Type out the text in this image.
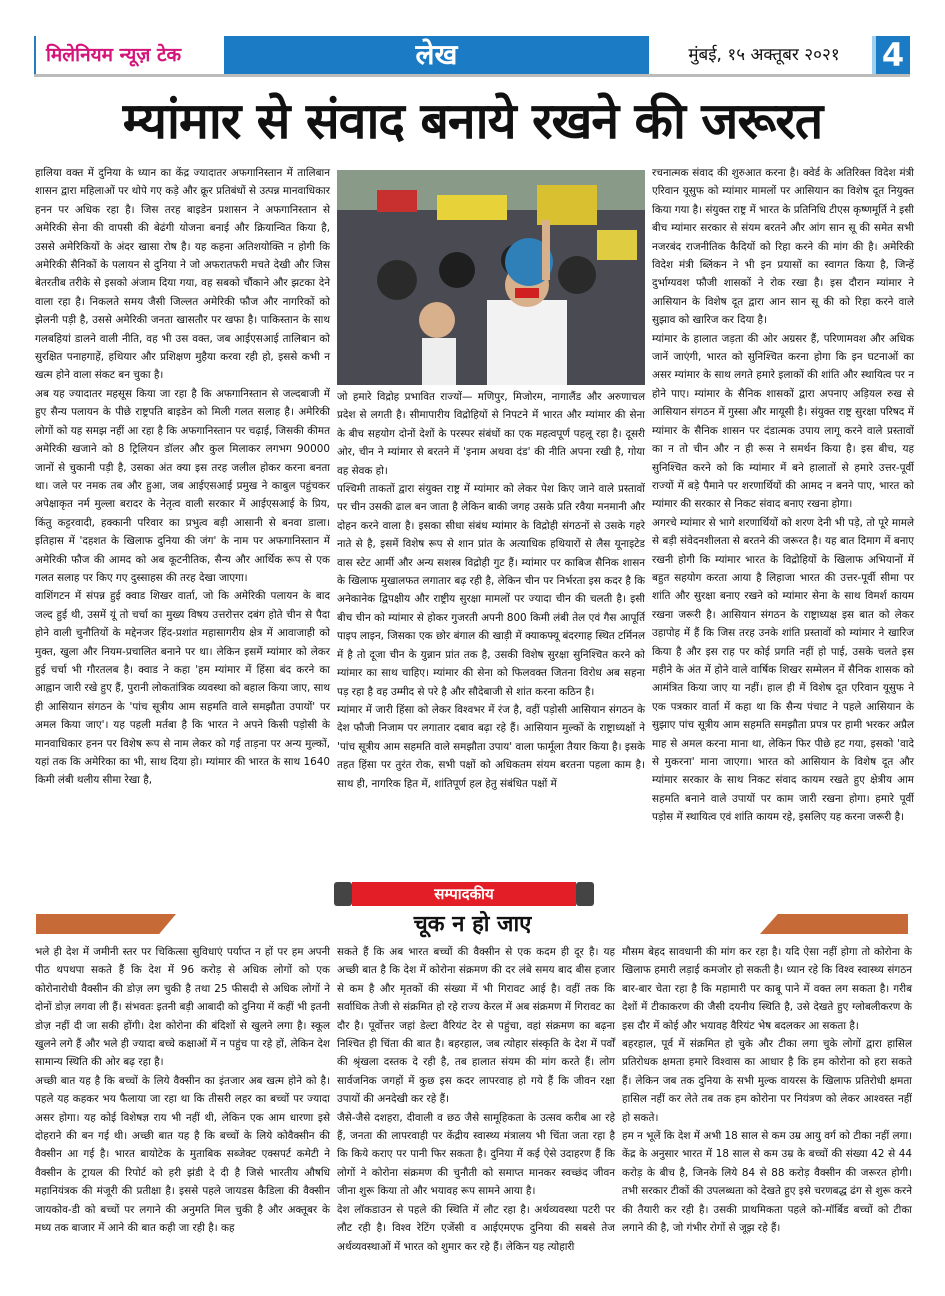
मिलेनियम न्यूज़ टेक	लेख	मुंबई, १५ अक्तूबर २०२१	4
म्यांमार से संवाद बनाये रखने की जरूरत

हालिया वक्त में दुनिया के ध्यान का केंद्र ज्यादातर अफगानिस्तान में तालिबान शासन द्वारा महिलाओं पर थोपे गए कड़े और क्रूर प्रतिबंधों से उत्पन्न मानवाधिकार हनन पर अधिक रहा है। जिस तरह बाइडेन प्रशासन ने अफगानिस्तान से अमेरिकी सेना की वापसी की बेढंगी योजना बनाई और क्रियान्वित किया है, उससे अमेरिकियों के अंदर खासा रोष है। यह कहना अतिशयोक्ति न होगी कि अमेरिकी सैनिकों के पलायन से दुनिया ने जो अफरातफरी मचते देखी और जिस बेतरतीब तरीके से इसको अंजाम दिया गया, वह सबको चौंकाने और झटका देने वाला रहा है। निकलते समय जैसी जिल्लत अमेरिकी फौज और नागरिकों को झेलनी पड़ी है, उससे अमेरिकी जनता खासतौर पर खफा है। पाकिस्तान के साथ गलबहियां डालने वाली नीति, वह भी उस वक्त, जब आईएसआई तालिबान को सुरक्षित पनाहगाहें, हथियार और प्रशिक्षण मुहैया करवा रही हो, इससे कभी न खत्म होने वाला संकट बन चुका है।

अब यह ज्यादातर महसूस किया जा रहा है कि अफगानिस्तान से जल्दबाजी में हुए सैन्य पलायन के पीछे राष्ट्रपति बाइडेन को मिली गलत सलाह है। अमेरिकी लोगों को यह समझ नहीं आ रहा है कि अफगानिस्तान पर चढ़ाई, जिसकी कीमत अमेरिकी खजाने को 8 ट्रिलियन डॉलर और कुल मिलाकर लगभग 90000 जानों से चुकानी पड़ी है, उसका अंत क्या इस तरह जलील होकर करना बनता था। जले पर नमक तब और हुआ, जब आईएसआई प्रमुख ने काबुल पहुंचकर अपेक्षाकृत नर्म मुल्ला बरादर के नेतृत्व वाली सरकार में आईएसआई के प्रिय, किंतु कट्टरवादी, हक्कानी परिवार का प्रभुत्व बड़ी आसानी से बनवा डाला। इतिहास में 'दहशत के खिलाफ दुनिया की जंग' के नाम पर अफगानिस्तान में अमेरिकी फौज की आमद को अब कूटनीतिक, सैन्य और आर्थिक रूप से एक गलत सलाह पर किए गए दुस्साहस की तरह देखा जाएगा।

वाशिंगटन में संपन्न हुई क्वाड शिखर वार्ता, जो कि अमेरिकी पलायन के बाद जल्द हुई थी, उसमें यूं तो चर्चा का मुख्य विषय उत्तरोत्तर दबंग होते चीन से पैदा होने वाली चुनौतियों के मद्देनजर हिंद-प्रशांत महासागरीय क्षेत्र में आवाजाही को मुक्त, खुला और नियम-प्रचालित बनाने पर था। लेकिन इसमें म्यांमार को लेकर हुई चर्चा भी गौरतलब है। क्वाड ने कहा 'हम म्यांमार में हिंसा बंद करने का आह्वान जारी रखे हुए हैं, पुरानी लोकतांत्रिक व्यवस्था को बहाल किया जाए, साथ ही आसियान संगठन के 'पांच सूत्रीय आम सहमति वाले समझौता उपायों' पर अमल किया जाए'। यह पहली मर्तबा है कि भारत ने अपने किसी पड़ोसी के मानवाधिकार हनन पर विशेष रूप से नाम लेकर को गई ताड़ना पर अन्य मुल्कों, यहां तक कि अमेरिका का भी, साथ दिया हो। म्यांमार की भारत के साथ 1640 किमी लंबी थलीय सीमा रेखा है,

जो हमारे विद्रोह प्रभावित राज्यों— मणिपुर, मिजोरम, नागालैंड और अरुणाचल प्रदेश से लगती है। सीमापारीय विद्रोहियों से निपटने में भारत और म्यांमार की सेना के बीच सहयोग दोनों देशों के परस्पर संबंधों का एक महत्वपूर्ण पहलू रहा है। दूसरी ओर, चीन ने म्यांमार से बरतने में 'इनाम अथवा दंड' की नीति अपना रखी है, गोया वह सेवक हो।

पश्चिमी ताकतों द्वारा संयुक्त राष्ट्र में म्यांमार को लेकर पेश किए जाने वाले प्रस्तावों पर चीन उसकी ढाल बन जाता है लेकिन बाकी जगह उसके प्रति रवैया मनमानी और दोहन करने वाला है। इसका सीधा संबंध म्यांमार के विद्रोही संगठनों से उसके गहरे नाते से है, इसमें विशेष रूप से शान प्रांत के अत्याधिक हथियारों से लैस यूनाइटेड वास स्टेट आर्मी और अन्य सशस्त्र विद्रोही गुट हैं। म्यांमार पर काबिज सैनिक शासन के खिलाफ मुखालफत लगातार बढ़ रही है, लेकिन चीन पर निर्भरता इस कदर है कि अनेकानेक द्विपक्षीय और राष्ट्रीय सुरक्षा मामलों पर ज्यादा चीन की चलती है। इसी बीच चीन को म्यांमार से होकर गुजरती अपनी 800 किमी लंबी तेल एवं गैस आपूर्ति पाइप लाइन, जिसका एक छोर बंगाल की खाड़ी में क्याकफ्यू बंदरगाह स्थित टर्मिनल में है तो दूजा चीन के युन्नान प्रांत तक है, उसकी विशेष सुरक्षा सुनिश्चित करने को म्यांमार का साथ चाहिए। म्यांमार की सेना को फिलवक्त जितना विरोध अब सहना पड़ रहा है वह उम्मीद से परे है और सौदेबाजी से शांत करना कठिन है।

म्यांमार में जारी हिंसा को लेकर विश्वभर में रंज है, वहीं पड़ोसी आसियान संगठन के देश फौजी निजाम पर लगातार दबाव बढ़ा रहे हैं। आसियान मुल्कों के राष्ट्राध्यक्षों ने 'पांच सूत्रीय आम सहमति वाले समझौता उपाय' वाला फार्मूला तैयार किया है। इसके तहत हिंसा पर तुरंत रोक, सभी पक्षों को अधिकतम संयम बरतना पहला काम है। साथ ही, नागरिक हित में, शांतिपूर्ण हल हेतु संबंधित पक्षों में

रचनात्मक संवाद की शुरुआत करना है। क्वेर्ड के अतिरिक्त विदेश मंत्री एरिवान यूसुफ को म्यांमार मामलों पर आसियान का विशेष दूत नियुक्त किया गया है। संयुक्त राष्ट्र में भारत के प्रतिनिधि टीएस कृष्णमूर्ति ने इसी बीच म्यांमार सरकार से संयम बरतने और आंग सान सू की समेत सभी नजरबंद राजनीतिक कैदियों को रिहा करने की मांग की है। अमेरिकी विदेश मंत्री ब्लिंकन ने भी इन प्रयासों का स्वागत किया है, जिन्हें दुर्भाग्यवश फौजी शासकों ने रोक रखा है। इस दौरान म्यांमार ने आसियान के विशेष दूत द्वारा आन सान सू की को रिहा करने वाले सुझाव को खारिज कर दिया है।

म्यांमार के हालात जड़ता की ओर अग्रसर हैं, परिणामवश और अधिक जानें जाएंगी, भारत को सुनिश्चित करना होगा कि इन घटनाओं का असर म्यांमार के साथ लगते हमारे इलाकों की शांति और स्थायित्व पर न होने पाए। म्यांमार के सैनिक शासकों द्वारा अपनाए अड़ियल रुख से आसियान संगठन में गुस्सा और मायूसी है। संयुक्त राष्ट्र सुरक्षा परिषद में म्यांमार के सैनिक शासन पर दंडात्मक उपाय लागू करने वाले प्रस्तावों का न तो चीन और न ही रूस ने समर्थन किया है। इस बीच, यह सुनिश्चित करने को कि म्यांमार में बने हालातों से हमारे उत्तर-पूर्वी राज्यों में बड़े पैमाने पर शरणार्थियों की आमद न बनने पाए, भारत को म्यांमार की सरकार से निकट संवाद बनाए रखना होगा।

अगरचे म्यांमार से भागे शरणार्थियों को शरण देनी भी पड़े, तो पूरे मामले से बड़ी संवेदनशीलता से बरतने की जरूरत है। यह बात दिमाग में बनाए रखनी होगी कि म्यांमार भारत के विद्रोहियों के खिलाफ अभियानों में बहुत सहयोग करता आया है लिहाजा भारत की उत्तर-पूर्वी सीमा पर शांति और सुरक्षा बनाए रखने को म्यांमार सेना के साथ विमर्श कायम रखना जरूरी है। आसियान संगठन के राष्ट्राध्यक्ष इस बात को लेकर उहापोह में हैं कि जिस तरह उनके शांति प्रस्तावों को म्यांमार ने खारिज किया है और इस राह पर कोई प्रगति नहीं हो पाई, उसके चलते इस महीने के अंत में होने वाले वार्षिक शिखर सम्मेलन में सैनिक शासक को आमंत्रित किया जाए या नहीं। हाल ही में विशेष दूत एरिवान यूसुफ ने एक पत्रकार वार्ता में कहा था कि सैन्य पंचाट ने पहले आसियान के सुझाए पांच सूत्रीय आम सहमति समझौता प्रपत्र पर हामी भरकर अप्रैल माह से अमल करना माना था, लेकिन फिर पीछे हट गया, इसको 'वादे से मुकरना' माना जाएगा। भारत को आसियान के विशेष दूत और म्यांमार सरकार के साथ निकट संवाद कायम रखते हुए क्षेत्रीय आम सहमति बनाने वाले उपायों पर काम जारी रखना होगा। हमारे पूर्वी पड़ोस में स्थायित्व एवं शांति कायम रहे, इसलिए यह करना जरूरी है।

सम्पादकीय
चूक न हो जाए

भले ही देश में जमीनी स्तर पर चिकित्सा सुविधाएं पर्याप्त न हों पर हम अपनी पीठ थपथपा सकते हैं कि देश में 96 करोड़ से अधिक लोगों को एक कोरोनारोधी वैक्सीन की डोज़ लग चुकी है तथा 25 फीसदी से अधिक लोगों ने दोनों डोज़ लगवा ली हैं। संभवतः इतनी बड़ी आबादी को दुनिया में कहीं भी इतनी डोज़ नहीं दी जा सकी होंगी। देश कोरोना की बंदिशों से खुलने लगा है। स्कूल खुलने लगे हैं और भले ही ज्यादा बच्चे कक्षाओं में न पहुंच पा रहे हों, लेकिन देश सामान्य स्थिति की ओर बढ़ रहा है।

अच्छी बात यह है कि बच्चों के लिये वैक्सीन का इंतजार अब खत्म होने को है। पहले यह कहकर भय फैलाया जा रहा था कि तीसरी लहर का बच्चों पर ज्यादा असर होगा। यह कोई विशेषज्ञ राय भी नहीं थी, लेकिन एक आम धारणा इसे दोहराने की बन गई थी। अच्छी बात यह है कि बच्चों के लिये कोवैक्सीन की वैक्सीन आ गई है। भारत बायोटेक के मुताबिक सब्जेक्ट एक्सपर्ट कमेटी ने वैक्सीन के ट्रायल की रिपोर्ट को हरी झंडी दे दी है जिसे भारतीय औषधि महानियंत्रक की मंजूरी की प्रतीक्षा है। इससे पहले जायडस कैडिला की वैक्सीन जायकोव-डी को बच्चों पर लगाने की अनुमति मिल चुकी है और अक्तूबर के मध्य तक बाजार में आने की बात कही जा रही है। कह

सकते हैं कि अब भारत बच्चों की वैक्सीन से एक कदम ही दूर है। यह अच्छी बात है कि देश में कोरोना संक्रमण की दर लंबे समय बाद बीस हजार से कम है और मृतकों की संख्या में भी गिरावट आई है। वहीं तक कि सर्वाधिक तेजी से संक्रमित हो रहे राज्य केरल में अब संक्रमण में गिरावट का दौर है। पूर्वोत्तर जहां डेल्टा वैरियंट देर से पहुंचा, वहां संक्रमण का बढ़ना निश्चित ही चिंता की बात है। बहरहाल, जब त्योहार संस्कृति के देश में पर्वों की श्रृंखला दस्तक दे रही है, तब हालात संयम की मांग करते हैं। लोग सार्वजनिक जगहों में कुछ इस कदर लापरवाह हो गये हैं कि जीवन रक्षा उपायों की अनदेखी कर रहे हैं।

जैसे-जैसे दशहरा, दीवाली व छठ जैसे सामूहिकता के उत्सव करीब आ रहे हैं, जनता की लापरवाही पर केंद्रीय स्वास्थ्य मंत्रालय भी चिंता जता रहा है कि किये कराए पर पानी फिर सकता है। दुनिया में कई ऐसे उदाहरण हैं कि लोगों ने कोरोना संक्रमण की चुनौती को समाप्त मानकर स्वच्छंद जीवन जीना शुरू किया तो और भयावह रूप सामने आया है।

देश लॉकडाउन से पहले की स्थिति में लौट रहा है। अर्थव्यवस्था पटरी पर लौट रही है। विश्व रेटिंग एजेंसी व आईएमएफ दुनिया की सबसे तेज अर्थव्यवस्थाओं में भारत को शुमार कर रहे हैं। लेकिन यह त्योहारी

मौसम बेहद सावधानी की मांग कर रहा है। यदि ऐसा नहीं होगा तो कोरोना के खिलाफ हमारी लड़ाई कमजोर हो सकती है। ध्यान रहे कि विश्व स्वास्थ्य संगठन बार-बार चेता रहा है कि महामारी पर काबू पाने में वक्त लग सकता है। गरीब देशों में टीकाकरण की जैसी दयनीय स्थिति है, उसे देखते हुए ग्लोबलीकरण के इस दौर में कोई और भयावह वैरियंट भेष बदलकर आ सकता है।

बहरहाल, पूर्व में संक्रमित हो चुके और टीका लगा चुके लोगों द्वारा हासिल प्रतिरोधक क्षमता हमारे विश्वास का आधार है कि हम कोरोना को हरा सकते हैं। लेकिन जब तक दुनिया के सभी मुल्क वायरस के खिलाफ प्रतिरोधी क्षमता हासिल नहीं कर लेते तब तक हम कोरोना पर नियंत्रण को लेकर आश्वस्त नहीं हो सकते।

हम न भूलें कि देश में अभी 18 साल से कम उम्र आयु वर्ग को टीका नहीं लगा। केंद्र के अनुसार भारत में 18 साल से कम उम्र के बच्चों की संख्या 42 से 44 करोड़ के बीच है, जिनके लिये 84 से 88 करोड़ वैक्सीन की जरूरत होगी। तभी सरकार टीकों की उपलब्धता को देखते हुए इसे चरणबद्ध ढंग से शुरू करने की तैयारी कर रही है। उसकी प्राथमिकता पहले को-मॉर्बिड बच्चों को टीका लगाने की है, जो गंभीर रोगों से जूझ रहे हैं।
